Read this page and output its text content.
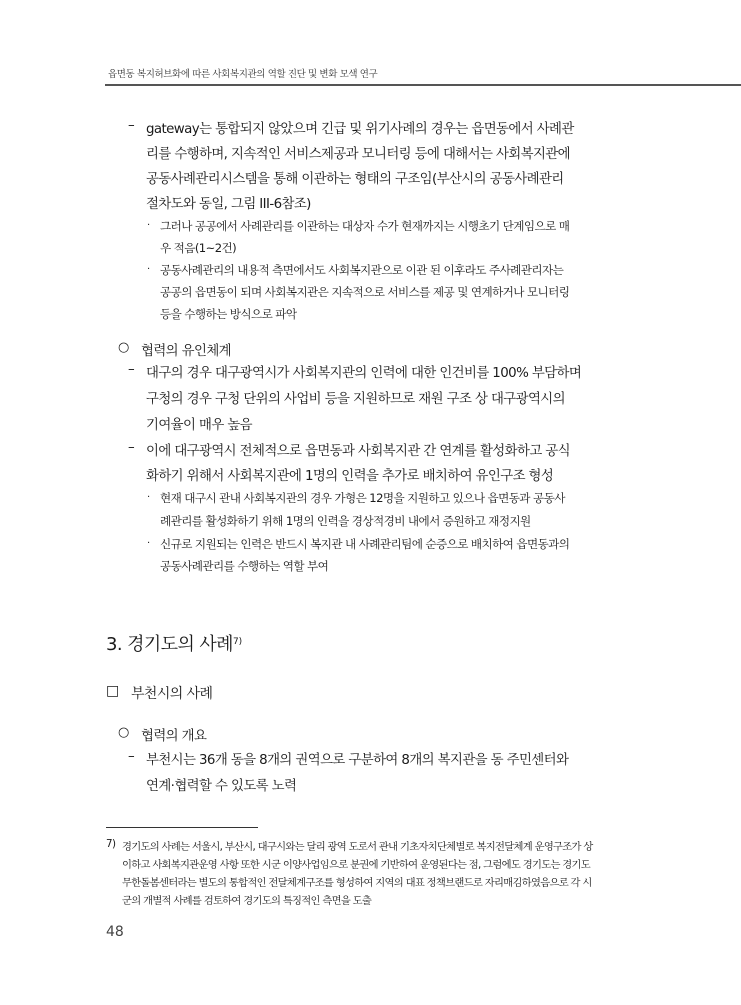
읍면동 복지허브화에 따른 사회복지관의 역할 진단 및 변화 모색 연구
– gateway는 통합되지 않았으며 긴급 및 위기사례의 경우는 읍면동에서 사례관
리를 수행하며, 지속적인 서비스제공과 모니터링 등에 대해서는 사회복지관에
공동사례관리시스템을 통해 이관하는 형태의 구조임(부산시의 공동사례관리
절차도와 동일, 그림 III-6참조)
· 그러나 공공에서 사례관리를 이관하는 대상자 수가 현재까지는 시행초기 단계임으로 매
우 적음(1~2건)
· 공동사례관리의 내용적 측면에서도 사회복지관으로 이관 된 이후라도 주사례관리자는
공공의 읍면동이 되며 사회복지관은 지속적으로 서비스를 제공 및 연계하거나 모니터링
등을 수행하는 방식으로 파악
○ 협력의 유인체계
– 대구의 경우 대구광역시가 사회복지관의 인력에 대한 인건비를 100% 부담하며
구청의 경우 구청 단위의 사업비 등을 지원하므로 재원 구조 상 대구광역시의
기여율이 매우 높음
– 이에 대구광역시 전체적으로 읍면동과 사회복지관 간 연계를 활성화하고 공식
화하기 위해서 사회복지관에 1명의 인력을 추가로 배치하여 유인구조 형성
· 현재 대구시 관내 사회복지관의 경우 가형은 12명을 지원하고 있으나 읍면동과 공동사
례관리를 활성화하기 위해 1명의 인력을 경상적경비 내에서 증원하고 재정지원
· 신규로 지원되는 인력은 반드시 복지관 내 사례관리팀에 순증으로 배치하여 읍면동과의
공동사례관리를 수행하는 역할 부여
3. 경기도의 사례$^{7)}$
□ 부천시의 사례
○ 협력의 개요
– 부천시는 36개 동을 8개의 권역으로 구분하여 8개의 복지관을 동 주민센터와
연계·협력할 수 있도록 노력
7) 경기도의 사례는 서울시, 부산시, 대구시와는 달리 광역 도로서 관내 기초자치단체별로 복지전달체계 운영구조가 상
이하고 사회복지관운영 사항 또한 시군 이양사업임으로 분권에 기반하여 운영된다는 점, 그럼에도 경기도는 경기도
무한돌봄센터라는 별도의 통합적인 전달체계구조를 형성하여 지역의 대표 정책브랜드로 자리매김하였음으로 각 시
군의 개별적 사례를 검토하여 경기도의 특징적인 측면을 도출
48
